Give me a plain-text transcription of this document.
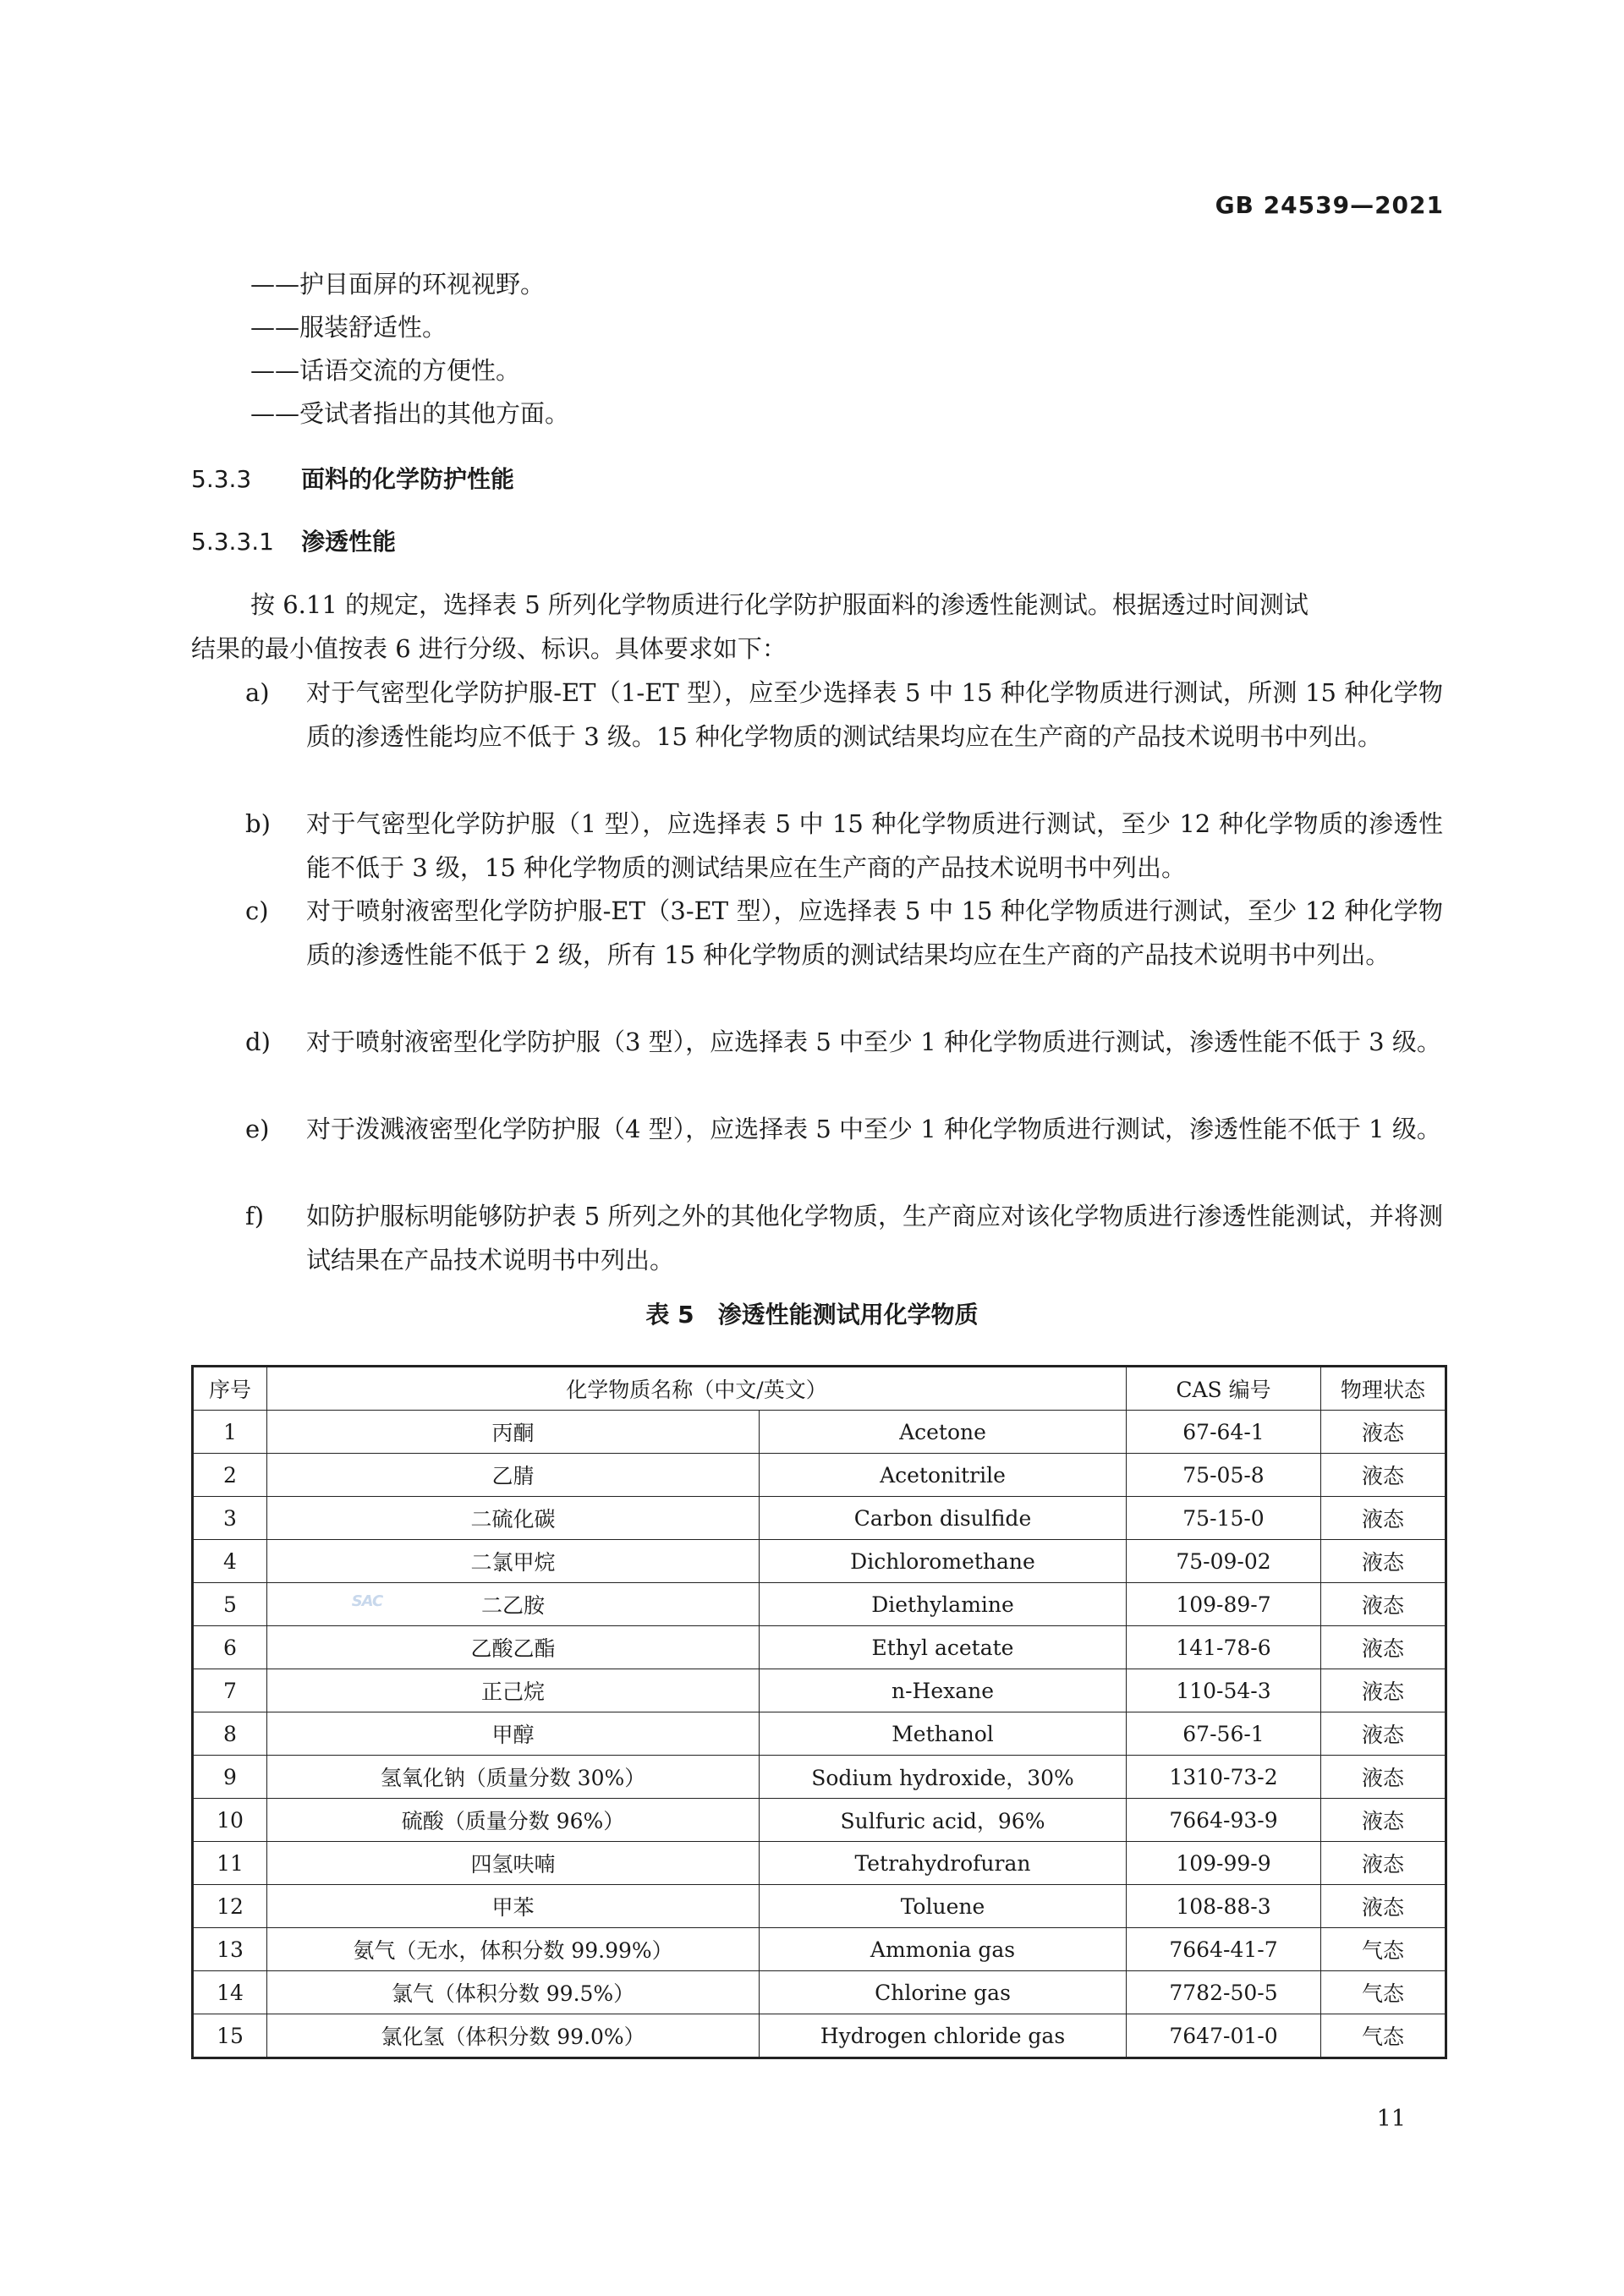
GB 24539—2021
——护目面屏的环视视野。
——服装舒适性。
——话语交流的方便性。
——受试者指出的其他方面。
5.3.3 面料的化学防护性能
5.3.3.1 渗透性能
按 6.11 的规定，选择表 5 所列化学物质进行化学防护服面料的渗透性能测试。根据透过时间测试
结果的最小值按表 6 进行分级、标识。具体要求如下：
a) 对于气密型化学防护服-ET（1-ET 型），应至少选择表 5 中 15 种化学物质进行测试，所测 15 种化学物质的渗透性能均应不低于 3 级。15 种化学物质的测试结果均应在生产商的产品技术说明书中列出。
b) 对于气密型化学防护服（1 型），应选择表 5 中 15 种化学物质进行测试，至少 12 种化学物质的渗透性能不低于 3 级，15 种化学物质的测试结果应在生产商的产品技术说明书中列出。
c) 对于喷射液密型化学防护服-ET（3-ET 型），应选择表 5 中 15 种化学物质进行测试，至少 12 种化学物质的渗透性能不低于 2 级，所有 15 种化学物质的测试结果均应在生产商的产品技术说明书中列出。
d) 对于喷射液密型化学防护服（3 型），应选择表 5 中至少 1 种化学物质进行测试，渗透性能不低于 3 级。
e) 对于泼溅液密型化学防护服（4 型），应选择表 5 中至少 1 种化学物质进行测试，渗透性能不低于 1 级。
f) 如防护服标明能够防护表 5 所列之外的其他化学物质，生产商应对该化学物质进行渗透性能测试，并将测试结果在产品技术说明书中列出。
表 5　渗透性能测试用化学物质
序号	化学物质名称（中文/英文）		CAS 编号	物理状态
1	丙酮	Acetone	67-64-1	液态
2	乙腈	Acetonitrile	75-05-8	液态
3	二硫化碳	Carbon disulfide	75-15-0	液态
4	二氯甲烷	Dichloromethane	75-09-02	液态
5	二乙胺	Diethylamine	109-89-7	液态
6	乙酸乙酯	Ethyl acetate	141-78-6	液态
7	正己烷	n-Hexane	110-54-3	液态
8	甲醇	Methanol	67-56-1	液态
9	氢氧化钠（质量分数 30%）	Sodium hydroxide，30%	1310-73-2	液态
10	硫酸（质量分数 96%）	Sulfuric acid，96%	7664-93-9	液态
11	四氢呋喃	Tetrahydrofuran	109-99-9	液态
12	甲苯	Toluene	108-88-3	液态
13	氨气（无水，体积分数 99.99%）	Ammonia gas	7664-41-7	气态
14	氯气（体积分数 99.5%）	Chlorine gas	7782-50-5	气态
15	氯化氢（体积分数 99.0%）	Hydrogen chloride gas	7647-01-0	气态
SAC
11
